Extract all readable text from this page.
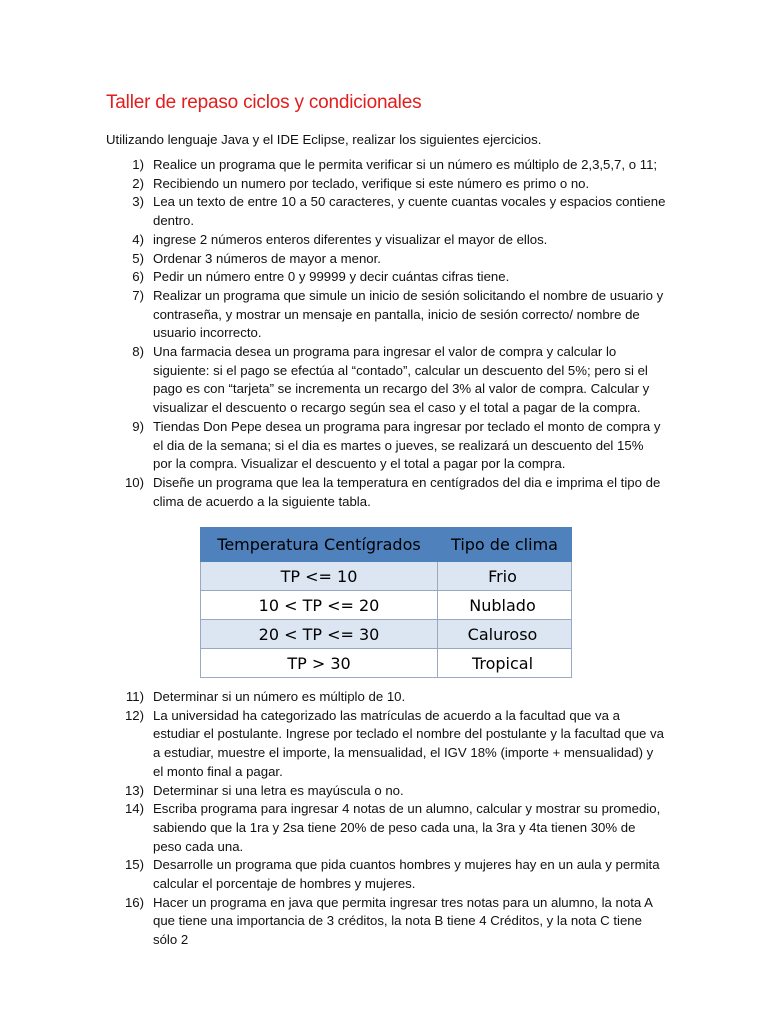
Taller de repaso ciclos y condicionales

Utilizando lenguaje Java y el IDE Eclipse, realizar los siguientes ejercicios.

1) Realice un programa que le permita verificar si un número es múltiplo de 2,3,5,7, o 11;
2) Recibiendo un numero por teclado, verifique si este número es primo o no.
3) Lea un texto de entre 10 a 50 caracteres, y cuente cuantas vocales y espacios contiene dentro.
4) ingrese 2 números enteros diferentes y visualizar el mayor de ellos.
5) Ordenar 3 números de mayor a menor.
6) Pedir un número entre 0 y 99999 y decir cuántas cifras tiene.
7) Realizar un programa que simule un inicio de sesión solicitando el nombre de usuario y contraseña, y mostrar un mensaje en pantalla, inicio de sesión correcto/ nombre de usuario incorrecto.
8) Una farmacia desea un programa para ingresar el valor de compra y calcular lo siguiente: si el pago se efectúa al “contado”, calcular un descuento del 5%; pero si el pago es con “tarjeta” se incrementa un recargo del 3% al valor de compra. Calcular y visualizar el descuento o recargo según sea el caso y el total a pagar de la compra.
9) Tiendas Don Pepe desea un programa para ingresar por teclado el monto de compra y el dia de la semana; si el dia es martes o jueves, se realizará un descuento del 15% por la compra. Visualizar el descuento y el total a pagar por la compra.
10) Diseñe un programa que lea la temperatura en centígrados del dia e imprima el tipo de clima de acuerdo a la siguiente tabla.
Temperatura Centígrados	Tipo de clima
TP <= 10	Frio
10 < TP <= 20	Nublado
20 < TP <= 30	Caluroso
TP > 30	Tropical
11) Determinar si un número es múltiplo de 10.
12) La universidad ha categorizado las matrículas de acuerdo a la facultad que va a estudiar el postulante. Ingrese por teclado el nombre del postulante y la facultad que va a estudiar, muestre el importe, la mensualidad, el IGV 18% (importe + mensualidad) y el monto final a pagar.
13) Determinar si una letra es mayúscula o no.
14) Escriba programa para ingresar 4 notas de un alumno, calcular y mostrar su promedio, sabiendo que la 1ra y 2sa tiene 20% de peso cada una, la 3ra y 4ta tienen 30% de peso cada una.
15) Desarrolle un programa que pida cuantos hombres y mujeres hay en un aula y permita calcular el porcentaje de hombres y mujeres.
16) Hacer un programa en java que permita ingresar tres notas para un alumno, la nota A que tiene una importancia de 3 créditos, la nota B tiene 4 Créditos, y la nota C tiene sólo 2
